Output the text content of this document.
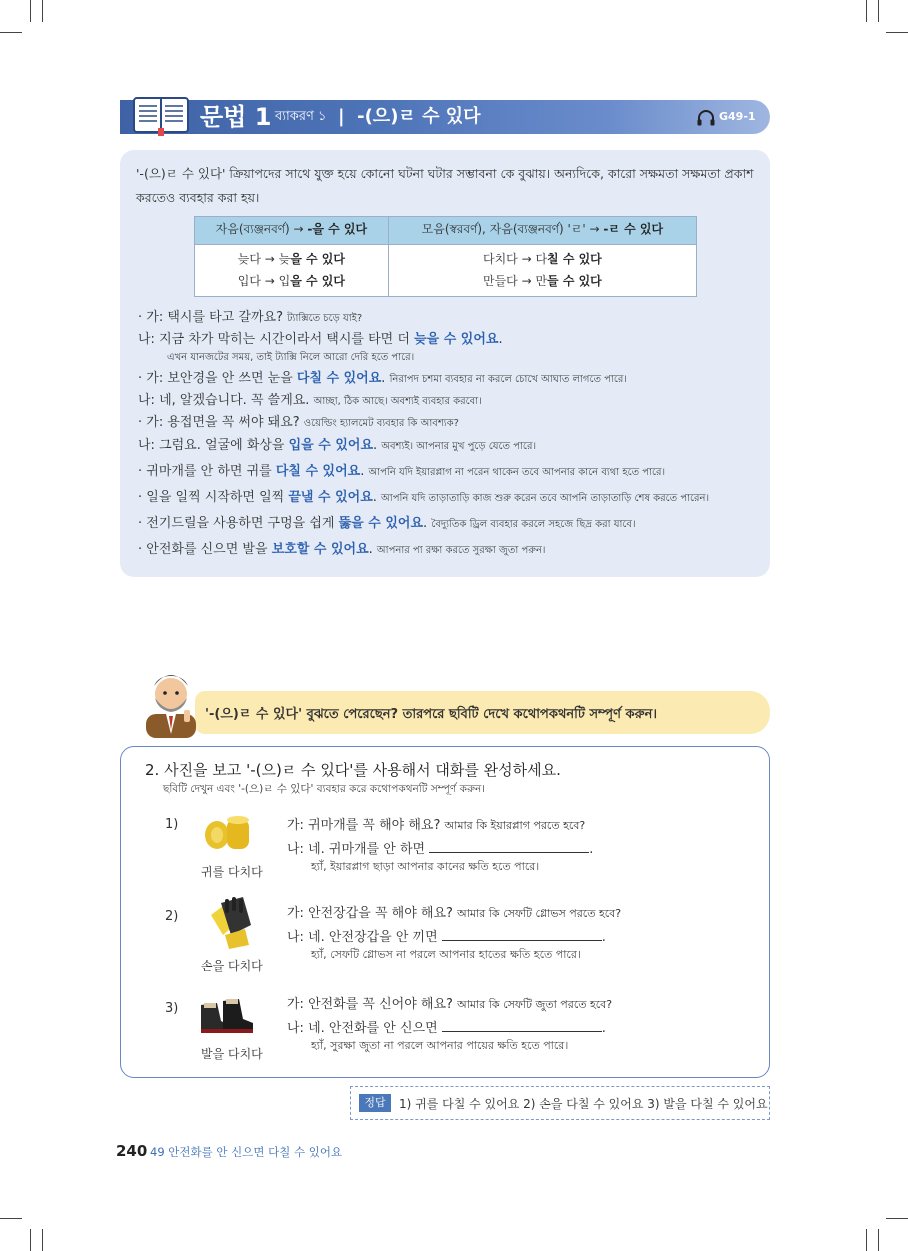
문법 1 ব্যাকরণ ১ |  -(으)ㄹ 수 있다	G49-1
'-(으)ㄹ 수 있다' ক্রিয়াপদের সাথে যুক্ত হয়ে কোনো ঘটনা ঘটার সম্ভাবনা কে বুঝায়। অন্যদিকে, কারো সক্ষমতা সক্ষমতা প্রকাশ করতেও ব্যবহার করা হয়।
자음(ব্যঞ্জনবর্ণ) → -을 수 있다	모음(স্বরবর্ণ), 자음(ব্যঞ্জনবর্ণ) 'ㄹ' → -ㄹ 수 있다
늦다 → 늦을 수 있다	다치다 → 다칠 수 있다
입다 → 입을 수 있다	만들다 → 만들 수 있다
· 가: 택시를 타고 갈까요? ট্যাক্সিতে চড়ে যাই?
나: 지금 차가 막히는 시간이라서 택시를 타면 더 늦을 수 있어요.
এখন যানজটের সময়, তাই ট্যাক্সি নিলে আরো দেরি হতে পারে।
· 가: 보안경을 안 쓰면 눈을 다칠 수 있어요. নিরাপদ চশমা ব্যবহার না করলে চোখে আঘাত লাগতে পারে।
나: 네, 알겠습니다. 꼭 쓸게요. আচ্ছা, ঠিক আছে। অবশ্যই ব্যবহার করবো।
· 가: 용접면을 꼭 써야 돼요? ওয়েল্ডিং হ্যালমেট ব্যবহার কি আবশ্যক?
나: 그럼요. 얼굴에 화상을 입을 수 있어요. অবশ্যই। আপনার মুখ পুড়ে যেতে পারে।
· 귀마개를 안 하면 귀를 다칠 수 있어요. আপনি যদি ইয়ারপ্লাগ না পরেন থাকেন তবে আপনার কানে ব্যথা হতে পারে।
· 일을 일찍 시작하면 일찍 끝낼 수 있어요. আপনি যদি তাড়াতাড়ি কাজ শুরু করেন তবে আপনি তাড়াতাড়ি শেষ করতে পারেন।
· 전기드릴을 사용하면 구멍을 쉽게 뚫을 수 있어요. বৈদ্যুতিক ড্রিল ব্যবহার করলে সহজে ছিদ্র করা যাবে।
· 안전화를 신으면 발을 보호할 수 있어요. আপনার পা রক্ষা করতে সুরক্ষা জুতা পরুন।
'-(으)ㄹ 수 있다' বুঝতে পেরেছেন? তারপরে ছবিটি দেখে কথোপকথনটি সম্পূর্ণ করুন।
2. 사진을 보고 '-(으)ㄹ 수 있다'를 사용해서 대화를 완성하세요.
ছবিটি দেখুন এবং '-(으)ㄹ 수 있다' ব্যবহার করে কথোপকথনটি সম্পূর্ণ করুন।
1)
귀를 다치다
가: 귀마개를 꼭 해야 해요? আমার কি ইয়ারপ্লাগ পরতে হবে?
나: 네. 귀마개를 안 하면	.
হ্যাঁ, ইয়ারপ্লাগ ছাড়া আপনার কানের ক্ষতি হতে পারে।
2)
손을 다치다
가: 안전장갑을 꼭 해야 해요? আমার কি সেফটি গ্লোভস পরতে হবে?
나: 네. 안전장갑을 안 끼면	.
হ্যাঁ, সেফটি গ্লোভস না পরলে আপনার হাতের ক্ষতি হতে পারে।
3)
발을 다치다
가: 안전화를 꼭 신어야 해요? আমার কি সেফটি জুতা পরতে হবে?
나: 네. 안전화를 안 신으면	.
হ্যাঁ, সুরক্ষা জুতা না পরলে আপনার পায়ের ক্ষতি হতে পারে।
정답	1) 귀를 다칠 수 있어요 2) 손을 다칠 수 있어요 3) 발을 다칠 수 있어요
240 49 안전화를 안 신으면 다칠 수 있어요
